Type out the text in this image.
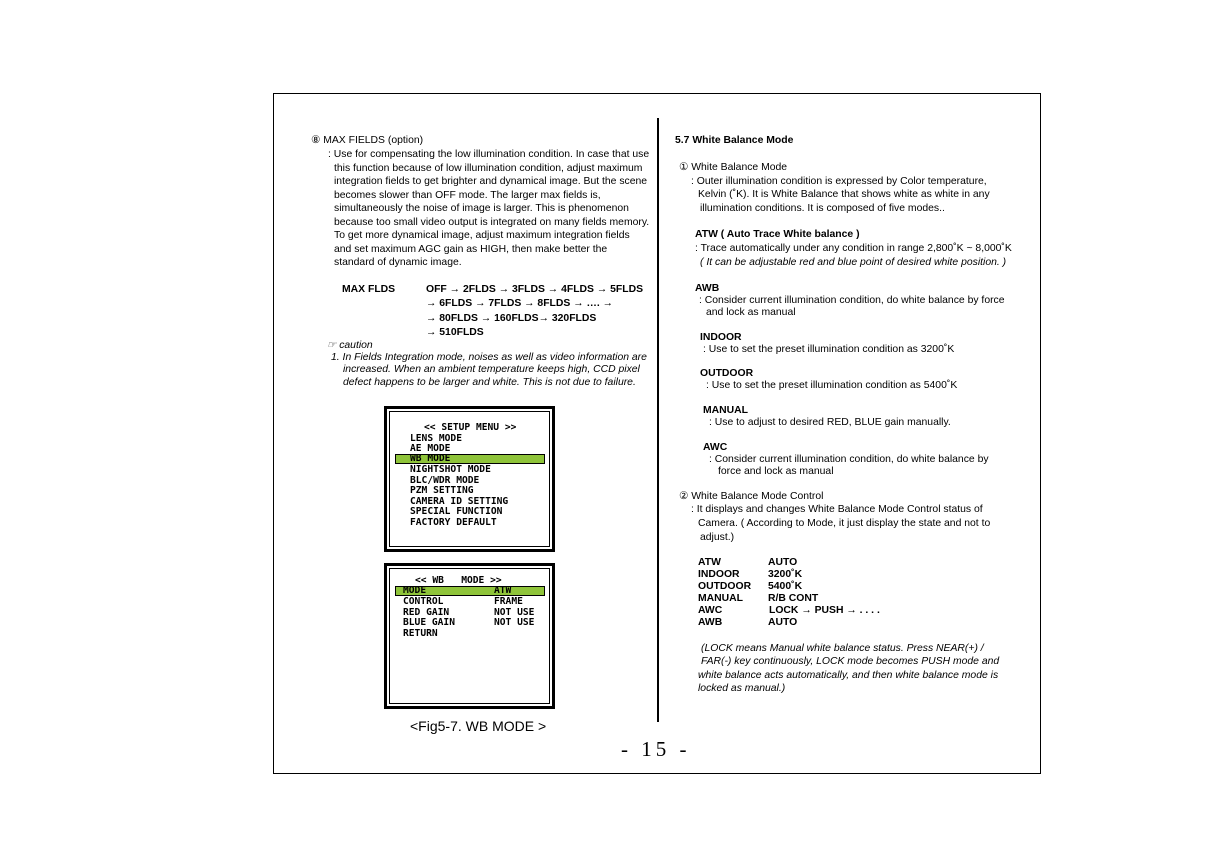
⑧ MAX FIELDS (option)
: Use for compensating the low illumination condition. In case that use
this function because of low illumination condition, adjust maximum
integration fields to get brighter and dynamical image. But the scene
becomes slower than OFF mode. The larger max fields is,
simultaneously the noise of image is larger. This is phenomenon
because too small video output is integrated on many fields memory.
To get more dynamical image, adjust maximum integration fields
and set maximum AGC gain as HIGH, then make better the
standard of dynamic image.
MAX FLDS	OFF → 2FLDS → 3FLDS → 4FLDS → 5FLDS
→ 6FLDS → 7FLDS → 8FLDS → …. →
→ 80FLDS → 160FLDS→ 320FLDS
→ 510FLDS
☞ caution
1. In Fields Integration mode, noises as well as video information are
increased. When an ambient temperature keeps high, CCD pixel
defect happens to be larger and white. This is not due to failure.
<< SETUP MENU >>
LENS MODE
AE MODE
WB MODE
NIGHTSHOT MODE
BLC/WDR MODE
PZM SETTING
CAMERA ID SETTING
SPECIAL FUNCTION
FACTORY DEFAULT
<< WB   MODE >>
MODE	ATW
CONTROL	FRAME
RED GAIN	NOT USE
BLUE GAIN	NOT USE
RETURN
<Fig5-7. WB MODE >
5.7 White Balance Mode
① White Balance Mode
: Outer illumination condition is expressed by Color temperature,
Kelvin (˚K). It is White Balance that shows white as white in any
illumination conditions. It is composed of five modes..
ATW ( Auto Trace White balance )
: Trace automatically under any condition in range 2,800˚K ~ 8,000˚K
( It can be adjustable red and blue point of desired white position. )
AWB
: Consider current illumination condition, do white balance by force
and lock as manual
INDOOR
: Use to set the preset illumination condition as 3200˚K
OUTDOOR
: Use to set the preset illumination condition as 5400˚K
MANUAL
: Use to adjust to desired RED, BLUE gain manually.
AWC
: Consider current illumination condition, do white balance by
force and lock as manual
② White Balance Mode Control
: It displays and changes White Balance Mode Control status of
Camera. ( According to Mode, it just display the state and not to
adjust.)
ATW	AUTO
INDOOR	3200˚K
OUTDOOR 5400˚K
MANUAL R/B CONT
AWC	LOCK → PUSH → . . . .
AWB	AUTO
(LOCK means Manual white balance status. Press NEAR(+) /
FAR(-) key continuously, LOCK mode becomes PUSH mode and
white balance acts automatically, and then white balance mode is
locked as manual.)
- 15 -
